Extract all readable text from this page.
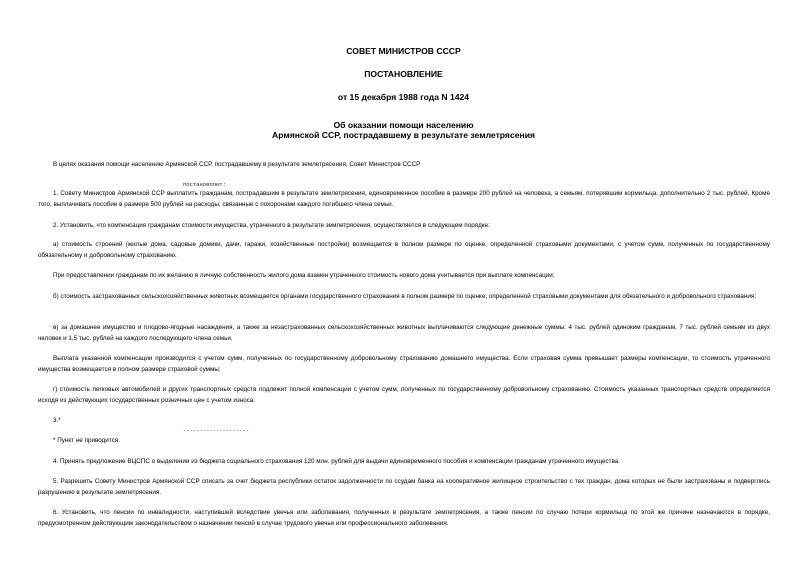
СОВЕТ МИНИСТРОВ СССР
ПОСТАНОВЛЕНИЕ
от 15 декабря 1988 года N 1424
Об оказании помощи населению
Армянской ССР, пострадавшему в результате землетрясения

В целях оказания помощи населению Армянской ССР, пострадавшему в результате землетрясения, Совет Министров СССР

постановляет:

1. Совету Министров Армянской ССР выплатить гражданам, пострадавшим в результате землетрясения, единовременное пособие в размере 200 рублей на человека, а семьям, потерявшим кормильца, дополнительно 2 тыс. рублей. Кроме того, выплачивать пособие в размере 500 рублей на расходы, связанные с похоронами каждого погибшего члена семьи.

2. Установить, что компенсация гражданам стоимости имущества, утраченного в результате землетрясения, осуществляется в следующем порядке:

а) стоимость строений (жилые дома, садовые домики, дачи, гаражи, хозяйственные постройки) возмещается в полном размере по оценке, определенной страховыми документами, с учетом сумм, полученных по государственному обязательному и добровольному страхованию.

При предоставлении гражданам по их желанию в личную собственность жилого дома взамен утраченного стоимость нового дома учитывается при выплате компенсации;

б) стоимость застрахованных сельскохозяйственных животных возмещается органами государственного страхования в полном размере по оценке, определенной страховыми документами для обязательного и добровольного страхования;

в) за домашнее имущество и плодово-ягодные насаждения, а также за незастрахованных сельскохозяйственных животных выплачиваются следующие денежные суммы: 4 тыс. рублей одиноким гражданам, 7 тыс. рублей семьям из двух человек и 1,5 тыс. рублей на каждого последующего члена семьи.

Выплата указанной компенсации производится с учетом сумм, полученных по государственному добровольному страхованию домашнего имущества. Если страховая сумма превышает размеры компенсации, то стоимость утраченного имущества возмещается в полном размере страховой суммы;

г) стоимость легковых автомобилей и других транспортных средств подлежит полной компенсации с учетом сумм, полученных по государственному добровольному страхованию. Стоимость указанных транспортных средств определяется исходя из действующих государственных розничных цен с учетом износа.

3.*

--------------------

* Пункт не приводится.

4. Принять предложение ВЦСПС о выделении из бюджета социального страхования 120 млн. рублей для выдачи единовременного пособия и компенсации гражданам утраченного имущества.

5. Разрешить Совету Министров Армянской ССР списать за счет бюджета республики остаток задолженности по ссудам банка на кооперативное жилищное строительство с тех граждан, дома которых не были застрахованы и подверглись разрушению в результате землетрясения.

6. Установить, что пенсии по инвалидности, наступившей вследствие увечья или заболевания, полученных в результате землетрясения, а также пенсии по случаю потери кормильца по этой же причине назначаются в порядке, предусмотренном действующим законодательством о назначении пенсий в случае трудового увечья или профессионального заболевания.
